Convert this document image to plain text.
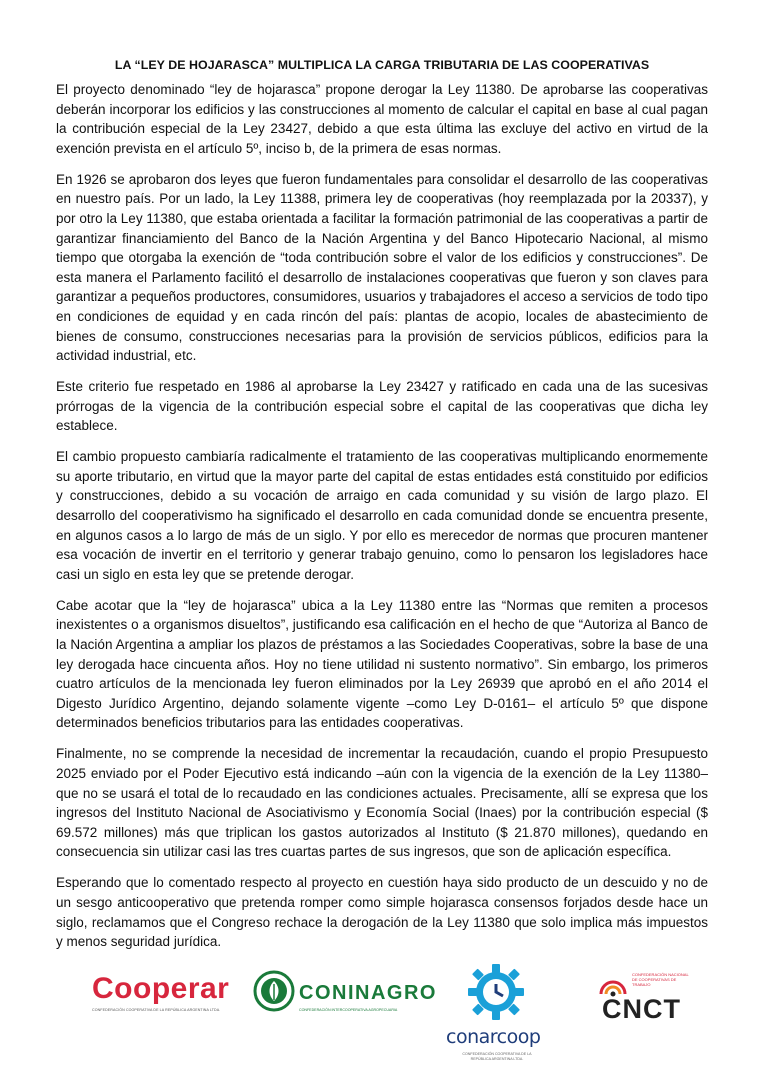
LA “LEY DE HOJARASCA” MULTIPLICA LA CARGA TRIBUTARIA DE LAS COOPERATIVAS

El proyecto denominado “ley de hojarasca” propone derogar la Ley 11380. De aprobarse las cooperativas deberán incorporar los edificios y las construcciones al momento de calcular el capital en base al cual pagan la contribución especial de la Ley 23427, debido a que esta última las excluye del activo en virtud de la exención prevista en el artículo 5º, inciso b, de la primera de esas normas.

En 1926 se aprobaron dos leyes que fueron fundamentales para consolidar el desarrollo de las cooperativas en nuestro país. Por un lado, la Ley 11388, primera ley de cooperativas (hoy reemplazada por la 20337), y por otro la Ley 11380, que estaba orientada a facilitar la formación patrimonial de las cooperativas a partir de garantizar financiamiento del Banco de la Nación Argentina y del Banco Hipotecario Nacional, al mismo tiempo que otorgaba la exención de “toda contribución sobre el valor de los edificios y construcciones”. De esta manera el Parlamento facilitó el desarrollo de instalaciones cooperativas que fueron y son claves para garantizar a pequeños productores, consumidores, usuarios y trabajadores el acceso a servicios de todo tipo en condiciones de equidad y en cada rincón del país: plantas de acopio, locales de abastecimiento de bienes de consumo, construcciones necesarias para la provisión de servicios públicos, edificios para la actividad industrial, etc.

Este criterio fue respetado en 1986 al aprobarse la Ley 23427 y ratificado en cada una de las sucesivas prórrogas de la vigencia de la contribución especial sobre el capital de las cooperativas que dicha ley establece.

El cambio propuesto cambiaría radicalmente el tratamiento de las cooperativas multiplicando enormemente su aporte tributario, en virtud que la mayor parte del capital de estas entidades está constituido por edificios y construcciones, debido a su vocación de arraigo en cada comunidad y su visión de largo plazo. El desarrollo del cooperativismo ha significado el desarrollo en cada comunidad donde se encuentra presente, en algunos casos a lo largo de más de un siglo. Y por ello es merecedor de normas que procuren mantener esa vocación de invertir en el territorio y generar trabajo genuino, como lo pensaron los legisladores hace casi un siglo en esta ley que se pretende derogar.

Cabe acotar que la “ley de hojarasca” ubica a la Ley 11380 entre las “Normas que remiten a procesos inexistentes o a organismos disueltos”, justificando esa calificación en el hecho de que “Autoriza al Banco de la Nación Argentina a ampliar los plazos de préstamos a las Sociedades Cooperativas, sobre la base de una ley derogada hace cincuenta años. Hoy no tiene utilidad ni sustento normativo”. Sin embargo, los primeros cuatro artículos de la mencionada ley fueron eliminados por la Ley 26939 que aprobó en el año 2014 el Digesto Jurídico Argentino, dejando solamente vigente –como Ley D-0161– el artículo 5º que dispone determinados beneficios tributarios para las entidades cooperativas.

Finalmente, no se comprende la necesidad de incrementar la recaudación, cuando el propio Presupuesto 2025 enviado por el Poder Ejecutivo está indicando –aún con la vigencia de la exención de la Ley 11380– que no se usará el total de lo recaudado en las condiciones actuales. Precisamente, allí se expresa que los ingresos del Instituto Nacional de Asociativismo y Economía Social (Inaes) por la contribución especial ($ 69.572 millones) más que triplican los gastos autorizados al Instituto ($ 21.870 millones), quedando en consecuencia sin utilizar casi las tres cuartas partes de sus ingresos, que son de aplicación específica.

Esperando que lo comentado respecto al proyecto en cuestión haya sido producto de un descuido y no de un sesgo anticooperativo que pretenda romper como simple hojarasca consensos forjados desde hace un siglo, reclamamos que el Congreso rechace la derogación de la Ley 11380 que solo implica más impuestos y menos seguridad jurídica.

Cooperar
CONFEDERACIÓN COOPERATIVA DE LA REPÚBLICA ARGENTINA LTDA.
CONINAGRO
CONFEDERACIÓN INTERCOOPERATIVA AGROPECUARIA
conarcoop
CONFEDERACIÓN COOPERATIVA DE LA REPÚBLICA ARGENTINA LTDA.
CONFEDERACIÓN NACIONAL DE COOPERATIVAS DE TRABAJO
CNCT
